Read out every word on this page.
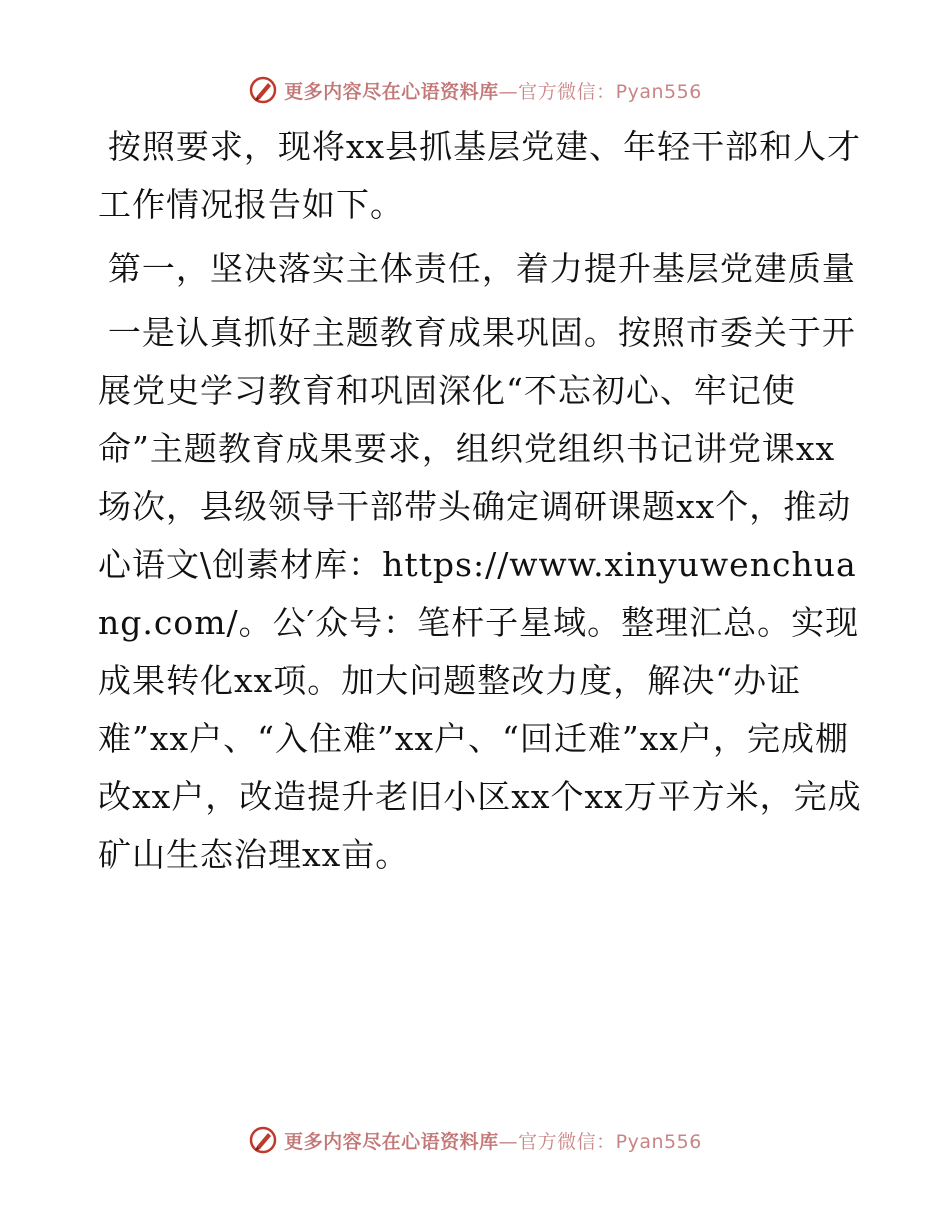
更多内容尽在心语资料库—官方微信：Pyan556

按照要求，现将xx县抓基层党建、年轻干部和人才工作情况报告如下。

第一，坚决落实主体责任，着力提升基层党建质量

一是认真抓好主题教育成果巩固。按照市委关于开展党史学习教育和巩固深化“不忘初心、牢记使命”主题教育成果要求，组织党组织书记讲党课xx场次，县级领导干部带头确定调研课题xx个，推动心语文\创素材库：https://www.xinyuwenchuang.com/。公′众号：笔杆子星域。整理汇总。实现成果转化xx项。加大问题整改力度，解决“办证难”xx户、“入住难”xx户、“回迁难”xx户，完成棚改xx户，改造提升老旧小区xx个xx万平方米，完成矿山生态治理xx亩。

更多内容尽在心语资料库—官方微信：Pyan556
